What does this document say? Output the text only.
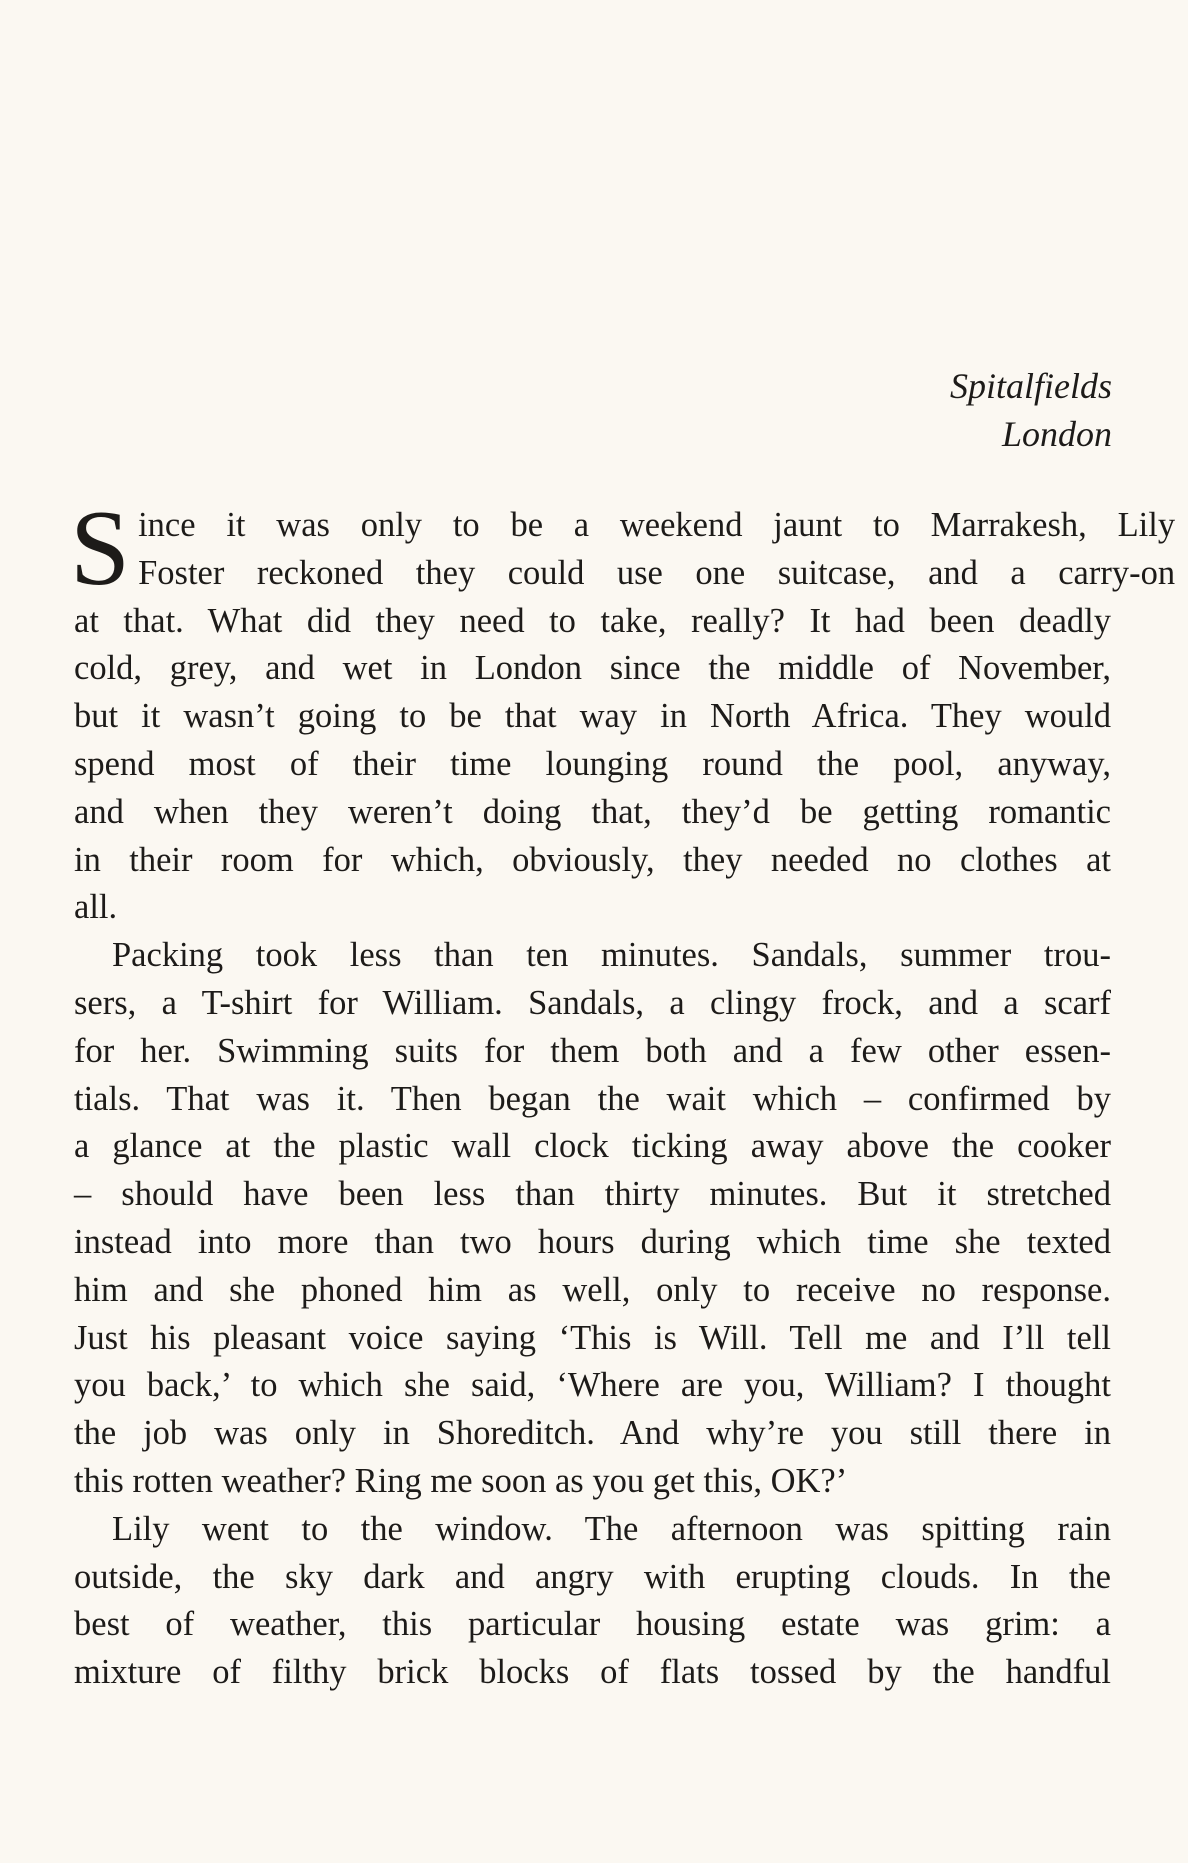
Spitalfields
London
S ince it was only to be a weekend jaunt to Marrakesh, Lily
Foster reckoned they could use one suitcase, and a carry-on
at that. What did they need to take, really? It had been deadly
cold, grey, and wet in London since the middle of November,
but it wasn’t going to be that way in North Africa. They would
spend most of their time lounging round the pool, anyway,
and when they weren’t doing that, they’d be getting romantic
in their room for which, obviously, they needed no clothes at
all.
Packing took less than ten minutes. Sandals, summer trou-
sers, a T-shirt for William. Sandals, a clingy frock, and a scarf
for her. Swimming suits for them both and a few other essen-
tials. That was it. Then began the wait which – confirmed by
a glance at the plastic wall clock ticking away above the cooker
– should have been less than thirty minutes. But it stretched
instead into more than two hours during which time she texted
him and she phoned him as well, only to receive no response.
Just his pleasant voice saying ‘This is Will. Tell me and I’ll tell
you back,’ to which she said, ‘Where are you, William? I thought
the job was only in Shoreditch. And why’re you still there in
this rotten weather? Ring me soon as you get this, OK?’
Lily went to the window. The afternoon was spitting rain
outside, the sky dark and angry with erupting clouds. In the
best of weather, this particular housing estate was grim: a
mixture of filthy brick blocks of flats tossed by the handful
